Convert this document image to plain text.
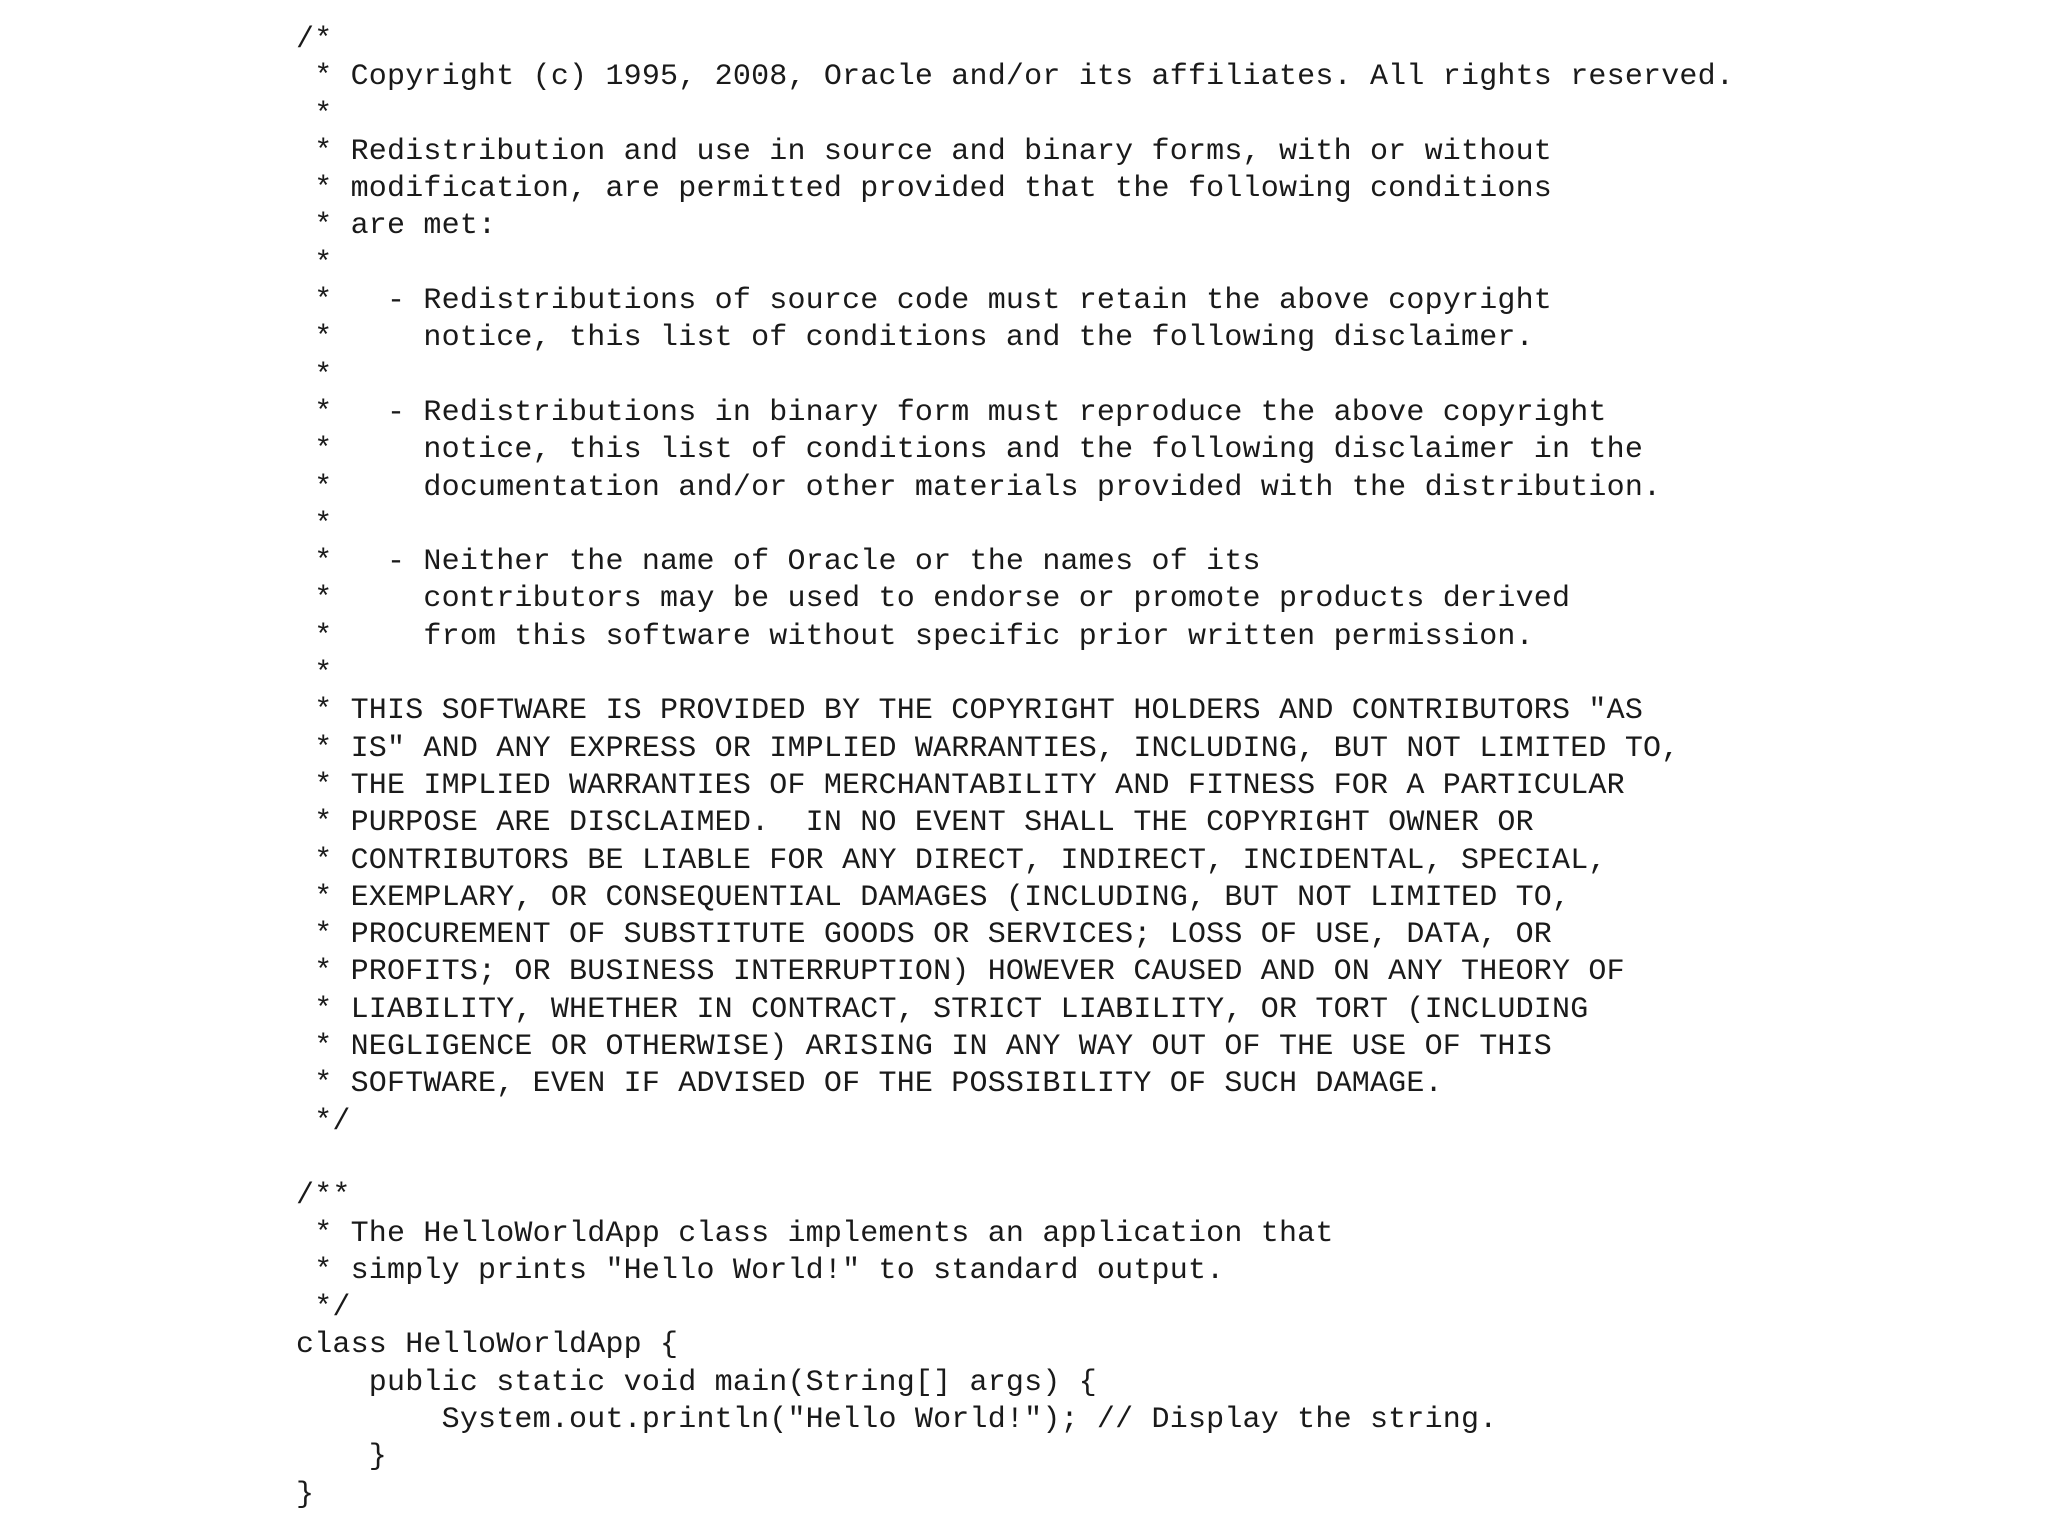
/*
* Copyright (c) 1995, 2008, Oracle and/or its affiliates. All rights reserved.
*
* Redistribution and use in source and binary forms, with or without
* modification, are permitted provided that the following conditions
* are met:
*
*   - Redistributions of source code must retain the above copyright
*     notice, this list of conditions and the following disclaimer.
*
*   - Redistributions in binary form must reproduce the above copyright
*     notice, this list of conditions and the following disclaimer in the
*     documentation and/or other materials provided with the distribution.
*
*   - Neither the name of Oracle or the names of its
*     contributors may be used to endorse or promote products derived
*     from this software without specific prior written permission.
*
* THIS SOFTWARE IS PROVIDED BY THE COPYRIGHT HOLDERS AND CONTRIBUTORS "AS
* IS" AND ANY EXPRESS OR IMPLIED WARRANTIES, INCLUDING, BUT NOT LIMITED TO,
* THE IMPLIED WARRANTIES OF MERCHANTABILITY AND FITNESS FOR A PARTICULAR
* PURPOSE ARE DISCLAIMED.  IN NO EVENT SHALL THE COPYRIGHT OWNER OR
* CONTRIBUTORS BE LIABLE FOR ANY DIRECT, INDIRECT, INCIDENTAL, SPECIAL,
* EXEMPLARY, OR CONSEQUENTIAL DAMAGES (INCLUDING, BUT NOT LIMITED TO,
* PROCUREMENT OF SUBSTITUTE GOODS OR SERVICES; LOSS OF USE, DATA, OR
* PROFITS; OR BUSINESS INTERRUPTION) HOWEVER CAUSED AND ON ANY THEORY OF
* LIABILITY, WHETHER IN CONTRACT, STRICT LIABILITY, OR TORT (INCLUDING
* NEGLIGENCE OR OTHERWISE) ARISING IN ANY WAY OUT OF THE USE OF THIS
* SOFTWARE, EVEN IF ADVISED OF THE POSSIBILITY OF SUCH DAMAGE.
*/
/**
* The HelloWorldApp class implements an application that
* simply prints "Hello World!" to standard output.
*/
class HelloWorldApp {
public static void main(String[] args) {
System.out.println("Hello World!"); // Display the string.
}
}
